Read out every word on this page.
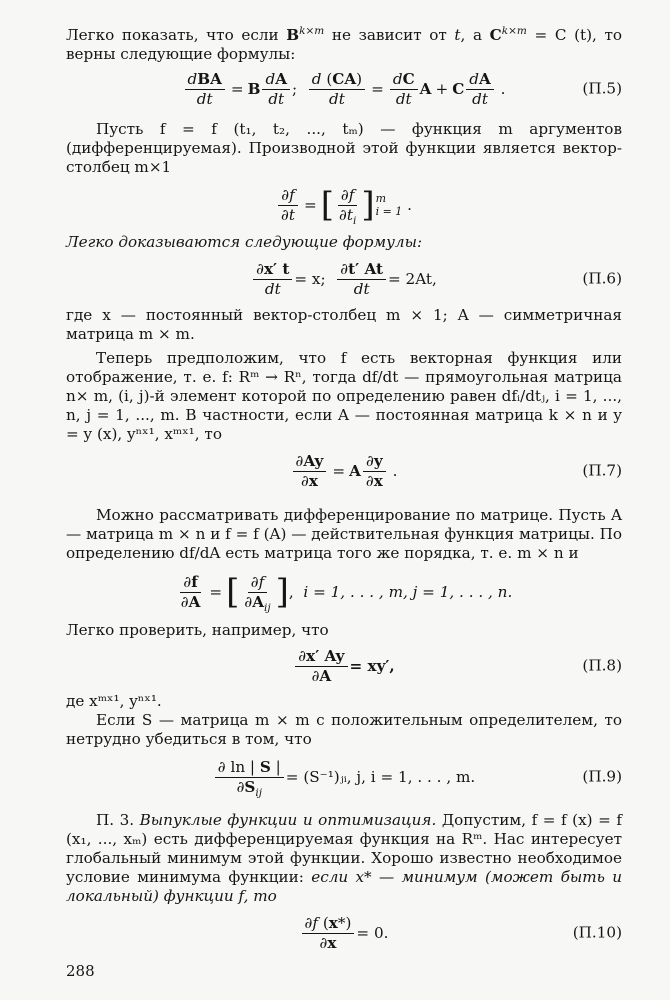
Легко показать, что если $B^{k\times m}$ не зависит от t, а $C^{k\times m} = C$ (t), то верны следующие формулы:

$\frac{\text{dBA}}{dt} = B \frac{dA}{dt}$ ; $\frac{d (CA)}{dt} = \frac{dC}{dt}$ A + C $\frac{dA}{dt}$ .	(П.5)

Пусть f = f (t₁, t₂, ..., tₘ) — функция m аргументов (дифференцируемая). Производной этой функции является вектор-столбец m×1

$\frac{\partial f}{\partial t}$ = [ $\frac{\partial f}{\partial t_i}$ ] m
i = 1 .

Легко доказываются следующие формулы:

$\frac{\partial x' t}{dt} = x$;
$\frac{\partial t' At}{dt} = 2At$,	(П.6)

где x — постоянный вектор-столбец m × 1; A — симметричная матрица m × m.

Теперь предположим, что f есть векторная функция или отображение, т. е. f: Rᵐ → Rⁿ, тогда df/dt — прямоугольная матрица n× m, (i, j)-й элемент которой по определению равен dfᵢ/dtⱼ, i = 1, ..., n, j = 1, ..., m. В частности, если A — постоянная матрица k × n и y = y (x), yⁿˣ¹, xᵐˣ¹, то

$\frac{\partial Ay}{\partial x} = A \frac{\partial y}{\partial x}$ .	(П.7)

Можно рассматривать дифференцирование по матрице. Пусть A — матрица m × n и f = f (A) — действительная функция матрицы. По определению df/dA есть матрица того же порядка, т. е. m × n и

$\frac{\partial f}{\partial A}$ = [ $\frac{\partial f}{\partial A_{ij}}$ ] , i = 1, . . . , m, j = 1, . . . , n.

Легко проверить, например, что

$\frac{\partial x' Ay}{\partial A} = xy'$,	(П.8)

де xᵐˣ¹, yⁿˣ¹.

Если S — матрица m × m с положительным определителем, то нетрудно убедиться в том, что

$\frac{\partial \ln | S |}{\partial S_{ij}}$ = (S⁻¹)ⱼᵢ, j, i = 1, . . . , m.	(П.9)

П. 3. Выпуклые функции и оптимизация. Допустим, f = f (x) = f (x₁, ..., xₘ) есть дифференцируемая функция на Rᵐ. Нас интересует глобальный минимум этой функции. Хорошо известно необходимое условие минимума функции: если x* — минимум (может быть и локальный) функции f, то

$\frac{\partial f (x*)}{\partial x} = 0$.	(П.10)
288
